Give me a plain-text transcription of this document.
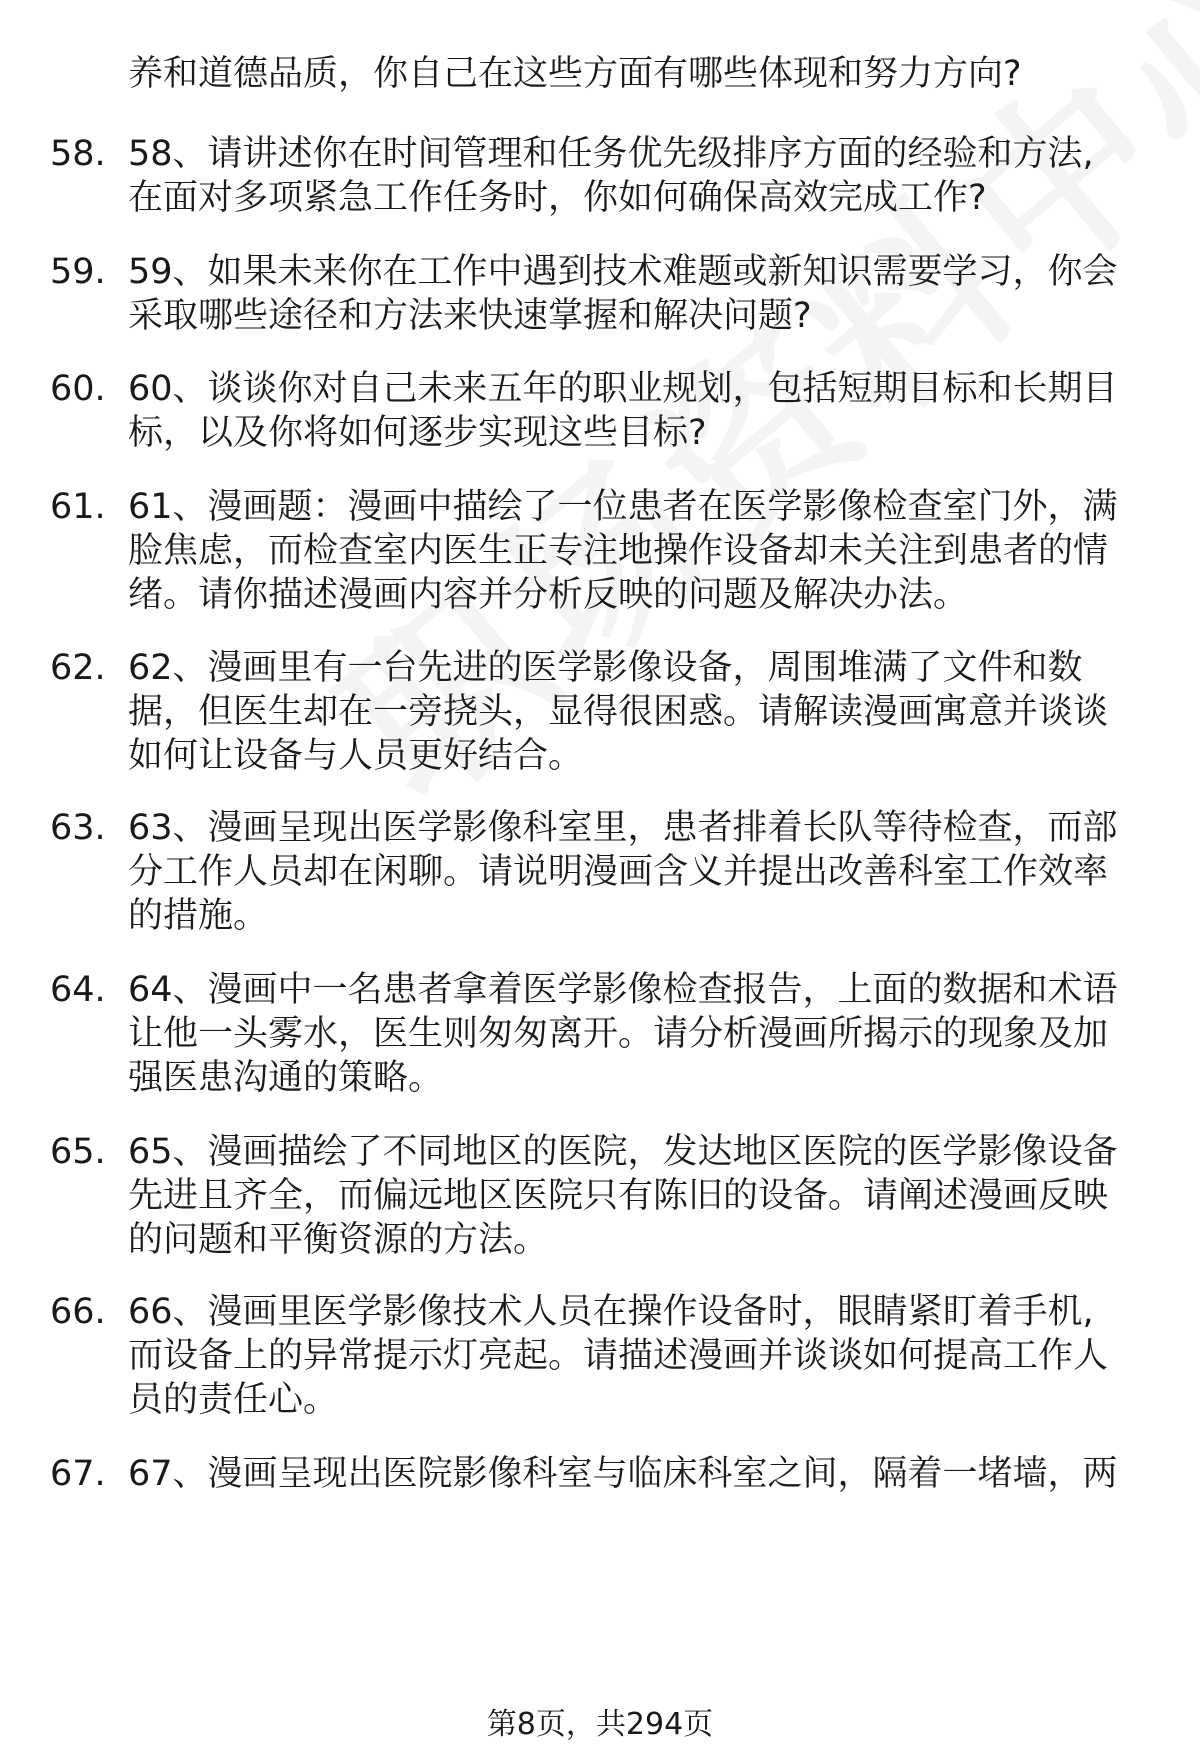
养和道德品质，你自己在这些方面有哪些体现和努力方向?
58. 58、请讲述你在时间管理和任务优先级排序方面的经验和方法,
在面对多项紧急工作任务时，你如何确保高效完成工作?
59. 59、如果未来你在工作中遇到技术难题或新知识需要学习，你会
采取哪些途径和方法来快速掌握和解决问题?
60. 60、谈谈你对自己未来五年的职业规划，包括短期目标和长期目
标，以及你将如何逐步实现这些目标?
61. 61、漫画题：漫画中描绘了一位患者在医学影像检查室门外，满
脸焦虑，而检查室内医生正专注地操作设备却未关注到患者的情
绪。请你描述漫画内容并分析反映的问题及解决办法。
62. 62、漫画里有一台先进的医学影像设备，周围堆满了文件和数
据，但医生却在一旁挠头，显得很困惑。请解读漫画寓意并谈谈
如何让设备与人员更好结合。
63. 63、漫画呈现出医学影像科室里，患者排着长队等待检查，而部
分工作人员却在闲聊。请说明漫画含义并提出改善科室工作效率
的措施。
64. 64、漫画中一名患者拿着医学影像检查报告，上面的数据和术语
让他一头雾水，医生则匆匆离开。请分析漫画所揭示的现象及加
强医患沟通的策略。
65. 65、漫画描绘了不同地区的医院，发达地区医院的医学影像设备
先进且齐全，而偏远地区医院只有陈旧的设备。请阐述漫画反映
的问题和平衡资源的方法。
66. 66、漫画里医学影像技术人员在操作设备时，眼睛紧盯着手机,
而设备上的异常提示灯亮起。请描述漫画并谈谈如何提高工作人
员的责任心。
67. 67、漫画呈现出医院影像科室与临床科室之间，隔着一堵墙，两
第8页，共294页
